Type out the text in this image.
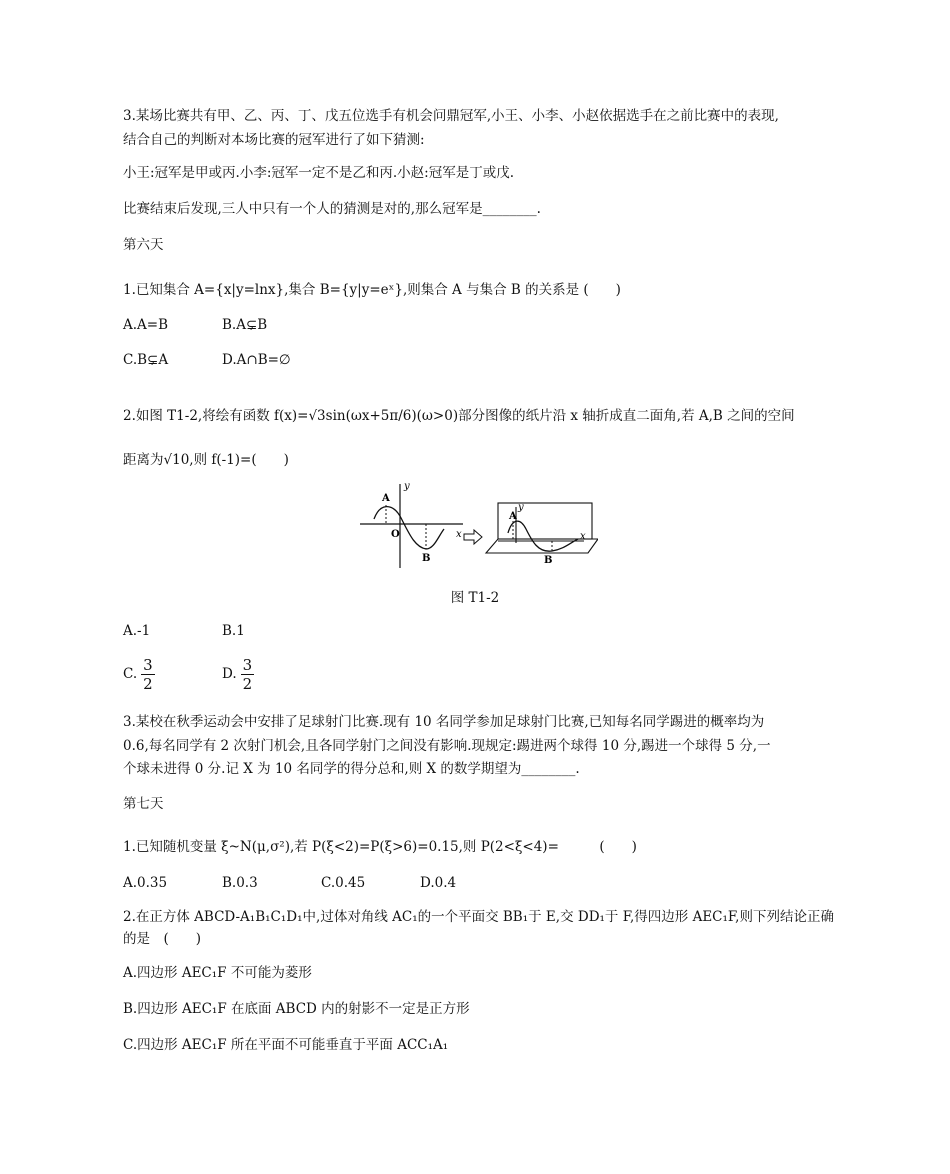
3.某场比赛共有甲、乙、丙、丁、戊五位选手有机会问鼎冠军,小王、小李、小赵依据选手在之前比赛中的表现,
结合自己的判断对本场比赛的冠军进行了如下猜测:
小王:冠军是甲或丙.小李:冠军一定不是乙和丙.小赵:冠军是丁或戊.
比赛结束后发现,三人中只有一个人的猜测是对的,那么冠军是________.
第六天
1.已知集合 A={x|y=lnx},集合 B={y|y=eˣ},则集合 A 与集合 B 的关系是 (　　)
A.A=B	B.A⊊B
C.B⊊A	D.A∩B=∅
2.如图 T1-2,将绘有函数 f(x)=√3sin(ωx+5π/6)(ω>0)部分图像的纸片沿 x 轴折成直二面角,若 A,B 之间的空间
距离为√10,则 f(-1)=(　　)
A
O
B
x
y
A
B
y
x
图 T1-2
A.-1	B.1
C. $\frac{3}{2}$	D. $\frac{3}{2}$
3.某校在秋季运动会中安排了足球射门比赛.现有 10 名同学参加足球射门比赛,已知每名同学踢进的概率均为
0.6,每名同学有 2 次射门机会,且各同学射门之间没有影响.现规定:踢进两个球得 10 分,踢进一个球得 5 分,一
个球未进得 0 分.记 X 为 10 名同学的得分总和,则 X 的数学期望为________.
第七天
1.已知随机变量 ξ~N(μ,σ²),若 P(ξ<2)=P(ξ>6)=0.15,则 P(2<ξ<4)=　　　(　　)
A.0.35	B.0.3	C.0.45	D.0.4
2.在正方体 ABCD-A₁B₁C₁D₁中,过体对角线 AC₁的一个平面交 BB₁于 E,交 DD₁于 F,得四边形 AEC₁F,则下列结论正确
的是　(　　)
A.四边形 AEC₁F 不可能为菱形
B.四边形 AEC₁F 在底面 ABCD 内的射影不一定是正方形
C.四边形 AEC₁F 所在平面不可能垂直于平面 ACC₁A₁
